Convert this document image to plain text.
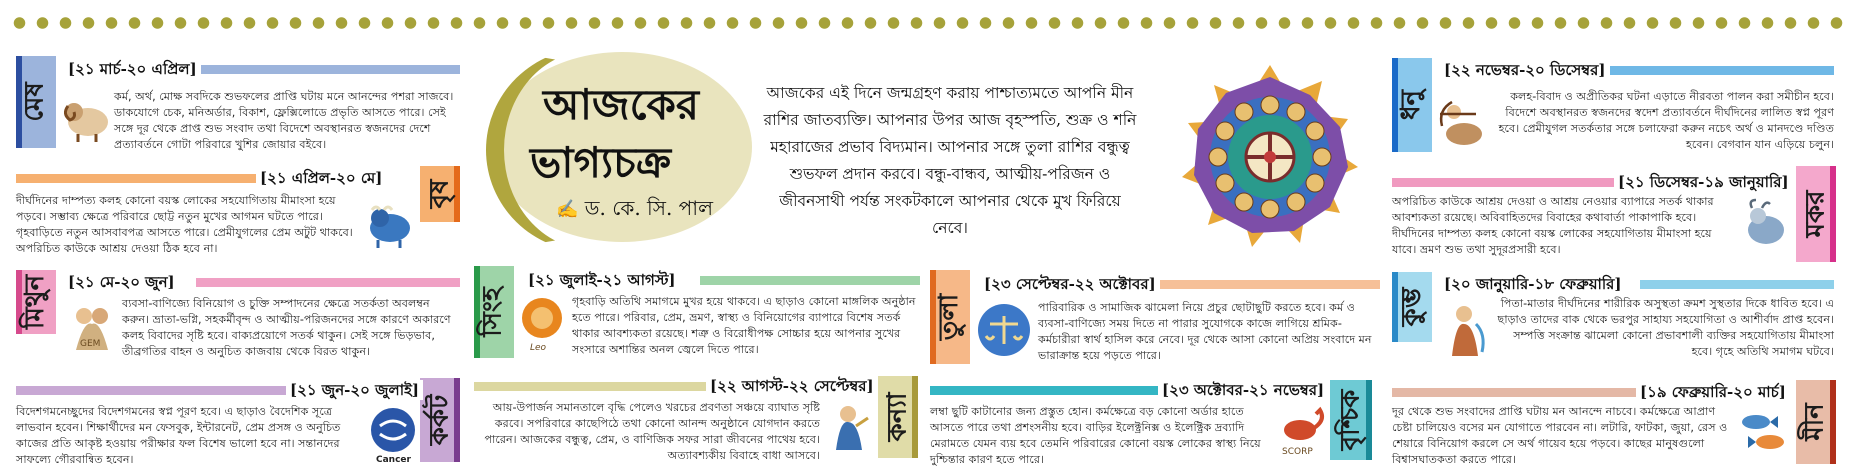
আজকের
ভাগ্যচক্র
✍ ড. কে. সি. পাল
আজকের এই দিনে জন্মগ্রহণ করায় পাশ্চাত্যমতে আপনি মীন রাশির জাতব্যক্তি। আপনার উপর আজ বৃহস্পতি, শুক্র ও শনি মহারাজের প্রভাব বিদ্যমান। আপনার সঙ্গে তুলা রাশির বন্ধুত্ব শুভফল প্রদান করবে। বন্ধু-বান্ধব, আত্মীয়-পরিজন ও জীবনসাথী পর্যন্ত সংকটকালে আপনার থেকে মুখ ফিরিয়ে নেবে।
মেষ
[২১ মার্চ-২০ এপ্রিল]
কর্ম, অর্থ, মোক্ষ সবদিকে শুভফলের প্রাপ্তি ঘটায় মনে আনন্দের পশরা সাজবে। ডাকযোগে চেক, মনিঅর্ডার, বিকাশ, ফ্লেক্সিলোডে প্রভৃতি আসতে পারে। সেই সঙ্গে দূর থেকে প্রাপ্ত শুভ সংবাদ তথা বিদেশে অবস্থানরত স্বজনদের দেশে প্রত্যাবর্তনে গোটা পরিবারে খুশির জোয়ার বইবে।
বৃষ
[২১ এপ্রিল-২০ মে]
দীর্ঘদিনের দাম্পত্য কলহ কোনো বয়স্ক লোকের সহযোগিতায় মীমাংসা হয়ে পড়বে। সম্ভাব্য ক্ষেত্রে পরিবারে ছোট্ট নতুন মুখের আগমন ঘটতে পারে। গৃহবাড়িতে নতুন আসবাবপত্র আসতে পারে। প্রেমীযুগলের প্রেম অটুট থাকবে। অপরিচিত কাউকে আশ্রয় দেওয়া ঠিক হবে না।
মিথুন	[২১ মে-২০ জুন]
GEM
ব্যবসা-বাণিজ্যে বিনিয়োগ ও চুক্তি সম্পাদনের ক্ষেত্রে সতর্কতা অবলম্বন করুন। ভ্রাতা-ভগ্নি, সহকর্মীবৃন্দ ও আত্মীয়-পরিজনদের সঙ্গে কারণে অকারণে কলহ বিবাদের সৃষ্টি হবে। বাক্যপ্রয়োগে সতর্ক থাকুন। সেই সঙ্গে ভিড়ভাব, তীব্রগতির বাহন ও অনুচিত কাজবায় থেকে বিরত থাকুন।
কর্কট
[২১ জুন-২০ জুলাই]
Cancer
বিদেশগমনেচ্ছুদের বিদেশগমনের স্বপ্ন পূরণ হবে। এ ছাড়াও বৈদেশিক সূত্রে লাভবান হবেন। শিক্ষার্থীদের মন ফেসবুক, ইন্টারনেট, প্রেম প্রসঙ্গ ও অনুচিত কাজের প্রতি আকৃষ্ট হওয়ায় পরীক্ষার ফল বিশেষ ভালো হবে না। সন্তানদের সাফল্যে গৌরবান্বিত হবেন।
সিংহ
[২১ জুলাই-২১ আগস্ট]
Leo
গৃহবাড়ি অতিথি সমাগমে মুখর হয়ে থাকবে। এ ছাড়াও কোনো মাঙ্গলিক অনুষ্ঠান হতে পারে। পরিবার, প্রেম, ভ্রমণ, স্বাস্থ্য ও বিনিয়োগের ব্যাপারে বিশেষ সতর্ক থাকার আবশ্যকতা রয়েছে। শত্রু ও বিরোধীপক্ষ সোচ্চার হয়ে আপনার সুখের সংসারে অশান্তির অনল জ্বেলে দিতে পারে।
কন্যা
[২২ আগস্ট-২২ সেপ্টেম্বর]
আয়-উপার্জন সমানতালে বৃদ্ধি পেলেও খরচের প্রবণতা সঞ্চয়ে ব্যাঘাত সৃষ্টি করবে। সপরিবারে কাছেপিঠে তথা কোনো আনন্দ অনুষ্ঠানে যোগদান করতে পারেন। আজকের বন্ধুত্ব, প্রেম, ও বাণিজিক সফর সারা জীবনের পাথেয় হবে। অত্যাবশ্যকীয় বিবাহে বাধা আসবে।
তুলা
[২৩ সেপ্টেম্বর-২২ অক্টোবর]
পারিবারিক ও সামাজিক ঝামেলা নিয়ে প্রচুর ছোটাছুটি করতে হবে। কর্ম ও ব্যবসা-বাণিজ্যে সময় দিতে না পারার সুযোগকে কাজে লাগিয়ে শ্রমিক-কর্মচারীরা স্বার্থ হাসিল করে নেবে। দূর থেকে আসা কোনো অপ্রিয় সংবাদে মন ভারাক্রান্ত হয়ে পড়তে পারে।
বৃশ্চিক
[২৩ অক্টোবর-২১ নভেম্বর]
SCORP
লম্বা ছুটি কাটানোর জন্য প্রস্তুত হোন। কর্মক্ষেত্রে বড় কোনো অর্ডার হাতে আসতে পারে তথা প্রশংসনীয় হবে। বাড়ির ইলেক্ট্রনিক্স ও ইলেক্ট্রিক দ্রব্যাদি মেরামতে যেমন ব্যয় হবে তেমনি পরিবারের কোনো বয়স্ক লোকের স্বাস্থ্য নিয়ে দুশ্চিন্তার কারণ হতে পারে।
ধনু
[২২ নভেম্বর-২০ ডিসেম্বর]
কলহ-বিবাদ ও অপ্রীতিকর ঘটনা এড়াতে নীরবতা পালন করা সমীচীন হবে। বিদেশে অবস্থানরত স্বজনদের স্বদেশ প্রত্যাবর্তনে দীর্ঘদিনের লালিত স্বপ্ন পূরণ হবে। প্রেমীযুগল সতর্কতার সঙ্গে চলাফেরা করুন নচেৎ অর্থ ও মানদণ্ডে দণ্ডিত হবেন। বেগবান যান এড়িয়ে চলুন।
মকর
[২১ ডিসেম্বর-১৯ জানুয়ারি]
অপরিচিত কাউকে আশ্রয় দেওয়া ও আশ্রয় নেওয়ার ব্যাপারে সতর্ক থাকার আবশ্যকতা রয়েছে। অবিবাহিতদের বিবাহের কথাবার্তা পাকাপাকি হবে। দীর্ঘদিনের দাম্পত্য কলহ কোনো বয়স্ক লোকের সহযোগিতায় মীমাংসা হয়ে যাবে। ভ্রমণ শুভ তথা সুদূরপ্রসারী হবে।
কুম্ভ
[২০ জানুয়ারি-১৮ ফেব্রুয়ারি]
পিতা-মাতার দীর্ঘদিনের শারীরিক অসুস্থতা ক্রমশ সুস্থতার দিকে ধাবিত হবে। এ ছাড়াও তাদের বাক থেকে ভরপুর সাহায্য সহযোগিতা ও আশীর্বাদ প্রাপ্ত হবেন। সম্পত্তি সংক্রান্ত ঝামেলা কোনো প্রভাবশালী ব্যক্তির সহযোগিতায় মীমাংসা হবে। গৃহে অতিথি সমাগম ঘটবে।
মীন
[১৯ ফেব্রুয়ারি-২০ মার্চ]
দূর থেকে শুভ সংবাদের প্রাপ্তি ঘটায় মন আনন্দে নাচবে। কর্মক্ষেত্রে আপ্রাণ চেষ্টা চালিয়েও বসের মন যোগাতে পারবেন না। লটারি, ফাটকা, জুয়া, রেস ও শেয়ারে বিনিয়োগ করলে সে অর্থ গায়েব হয়ে পড়বে। কাছের মানুষগুলো বিশ্বাসঘাতকতা করতে পারে।
